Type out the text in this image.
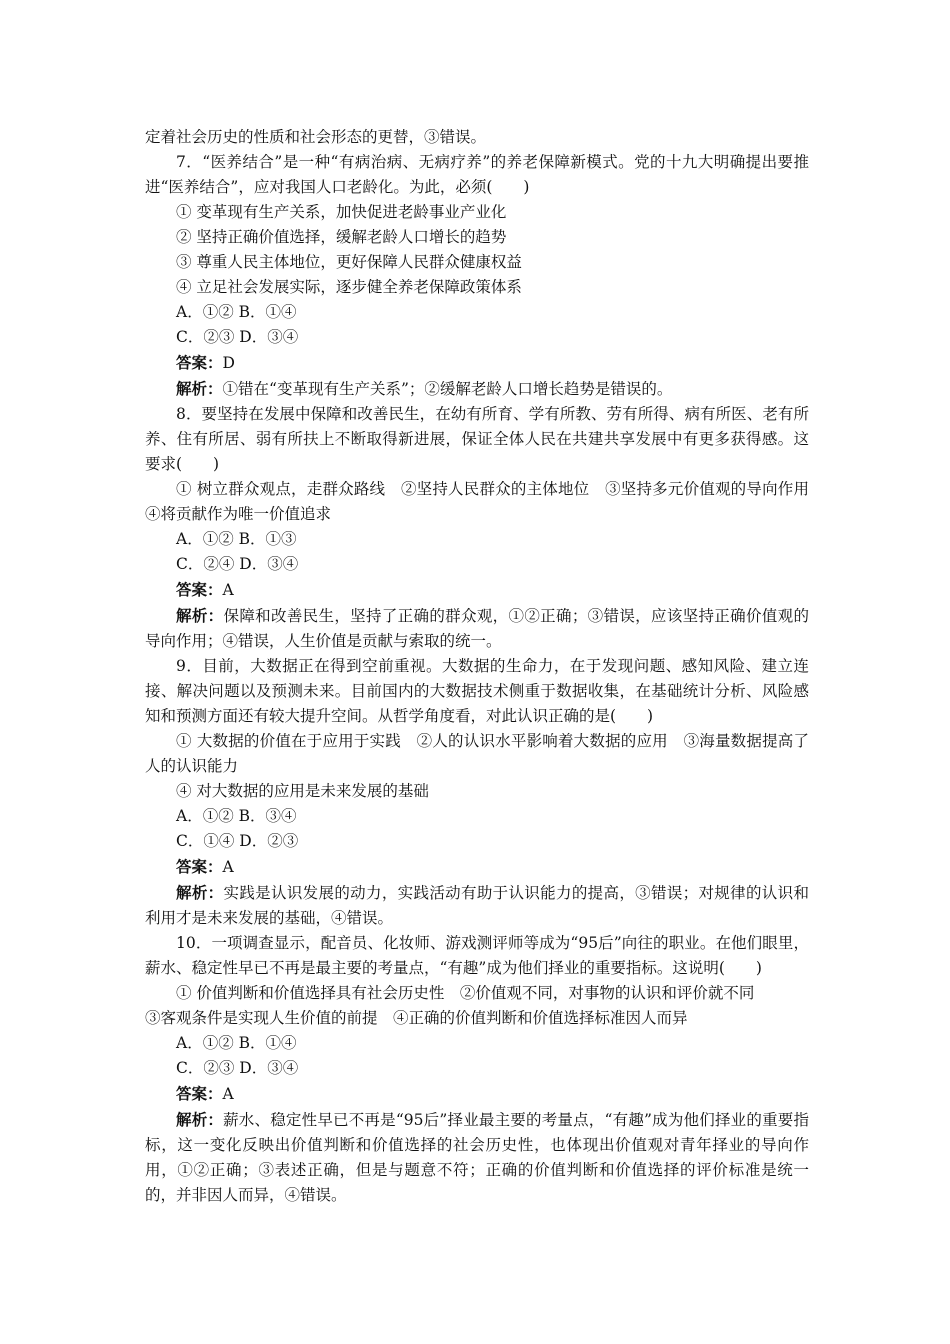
定着社会历史的性质和社会形态的更替，③错误。

7．“医养结合”是一种“有病治病、无病疗养”的养老保障新模式。党的十九大明确提出要推进“医养结合”，应对我国人口老龄化。为此，必须(　　)

① 变革现有生产关系，加快促进老龄事业产业化

② 坚持正确价值选择，缓解老龄人口增长的趋势

③ 尊重人民主体地位，更好保障人民群众健康权益

④ 立足社会发展实际，逐步健全养老保障政策体系

A．①② B．①④

C．②③ D．③④

答案：D

解析：①错在“变革现有生产关系”；②缓解老龄人口增长趋势是错误的。

8．要坚持在发展中保障和改善民生，在幼有所育、学有所教、劳有所得、病有所医、老有所养、住有所居、弱有所扶上不断取得新进展，保证全体人民在共建共享发展中有更多获得感。这要求(　　)

① 树立群众观点，走群众路线　②坚持人民群众的主体地位　③坚持多元价值观的导向作用　④将贡献作为唯一价值追求

A．①② B．①③

C．②④ D．③④

答案：A

解析：保障和改善民生，坚持了正确的群众观，①②正确；③错误，应该坚持正确价值观的导向作用；④错误，人生价值是贡献与索取的统一。

9．目前，大数据正在得到空前重视。大数据的生命力，在于发现问题、感知风险、建立连接、解决问题以及预测未来。目前国内的大数据技术侧重于数据收集，在基础统计分析、风险感知和预测方面还有较大提升空间。从哲学角度看，对此认识正确的是(　　)

① 大数据的价值在于应用于实践　②人的认识水平影响着大数据的应用　③海量数据提高了人的认识能力

④ 对大数据的应用是未来发展的基础

A．①② B．③④

C．①④ D．②③

答案：A

解析：实践是认识发展的动力，实践活动有助于认识能力的提高，③错误；对规律的认识和利用才是未来发展的基础，④错误。

10．一项调查显示，配音员、化妆师、游戏测评师等成为“95后”向往的职业。在他们眼里，薪水、稳定性早已不再是最主要的考量点，“有趣”成为他们择业的重要指标。这说明(　　)

① 价值判断和价值选择具有社会历史性　②价值观不同，对事物的认识和评价就不同

③客观条件是实现人生价值的前提　④正确的价值判断和价值选择标准因人而异

A．①② B．①④

C．②③ D．③④

答案：A

解析：薪水、稳定性早已不再是“95后”择业最主要的考量点，“有趣”成为他们择业的重要指标，这一变化反映出价值判断和价值选择的社会历史性，也体现出价值观对青年择业的导向作用，①②正确；③表述正确，但是与题意不符；正确的价值判断和价值选择的评价标准是统一的，并非因人而异，④错误。
